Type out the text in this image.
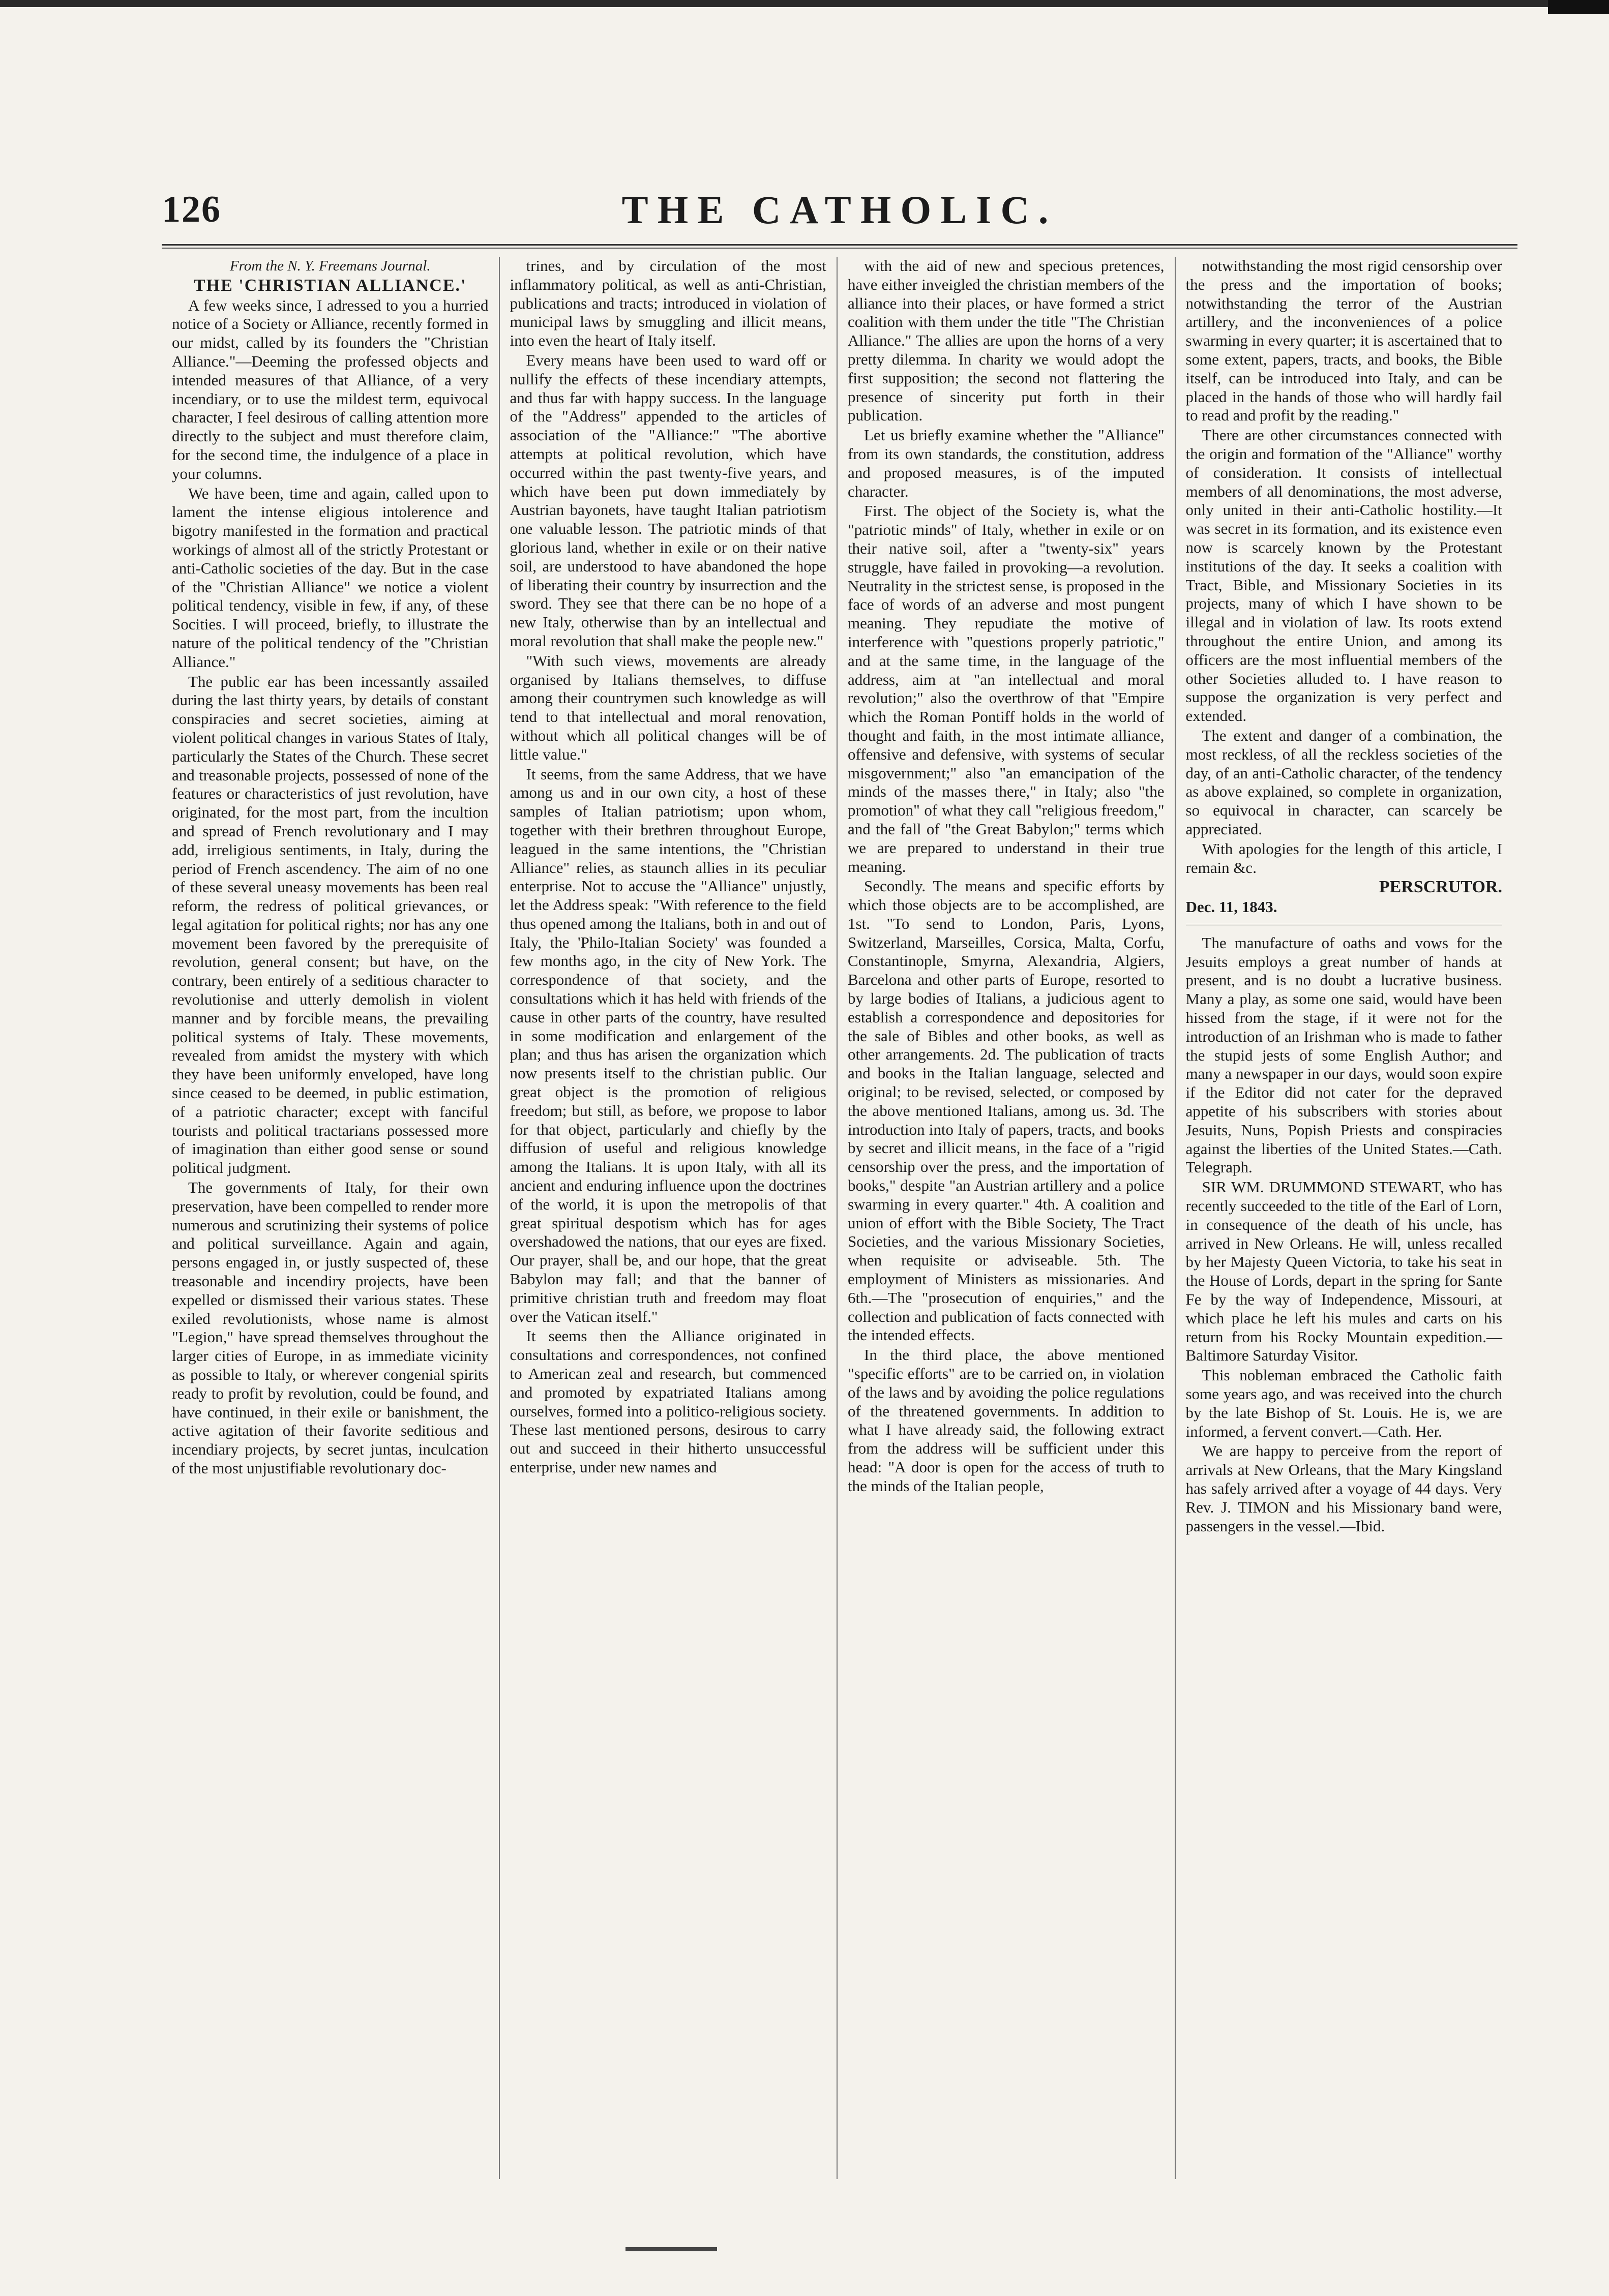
126	THE CATHOLIC.

From the N. Y. Freemans Journal.

THE 'CHRISTIAN ALLIANCE.'

A few weeks since, I adressed to you a hurried notice of a Society or Alliance, recently formed in our midst, called by its founders the "Christian Alliance."—Deeming the professed objects and intended measures of that Alliance, of a very incendiary, or to use the mildest term, equivocal character, I feel desirous of calling attention more directly to the subject and must therefore claim, for the second time, the indulgence of a place in your columns.

We have been, time and again, called upon to lament the intense eligious intolerence and bigotry manifested in the formation and practical workings of almost all of the strictly Protestant or anti-Catholic societies of the day. But in the case of the "Christian Alliance" we notice a violent political tendency, visible in few, if any, of these Socities. I will proceed, briefly, to illustrate the nature of the political tendency of the "Christian Alliance."

The public ear has been incessantly assailed during the last thirty years, by details of constant conspiracies and secret societies, aiming at violent political changes in various States of Italy, particularly the States of the Church. These secret and treasonable projects, possessed of none of the features or characteristics of just revolution, have originated, for the most part, from the incultion and spread of French revolutionary and I may add, irreligious sentiments, in Italy, during the period of French ascendency. The aim of no one of these several uneasy movements has been real reform, the redress of political grievances, or legal agitation for political rights; nor has any one movement been favored by the prerequisite of revolution, general consent; but have, on the contrary, been entirely of a seditious character to revolutionise and utterly demolish in violent manner and by forcible means, the prevailing political systems of Italy. These movements, revealed from amidst the mystery with which they have been uniformly enveloped, have long since ceased to be deemed, in public estimation, of a patriotic character; except with fanciful tourists and political tractarians possessed more of imagination than either good sense or sound political judgment.

The governments of Italy, for their own preservation, have been compelled to render more numerous and scrutinizing their systems of police and political surveillance. Again and again, persons engaged in, or justly suspected of, these treasonable and incendiry projects, have been expelled or dismissed their various states. These exiled revolutionists, whose name is almost "Legion," have spread themselves throughout the larger cities of Europe, in as immediate vicinity as possible to Italy, or wherever congenial spirits ready to profit by revolution, could be found, and have continued, in their exile or banishment, the active agitation of their favorite seditious and incendiary projects, by secret juntas, inculcation of the most unjustifiable revolutionary doc-

trines, and by circulation of the most inflammatory political, as well as anti-Christian, publications and tracts; introduced in violation of municipal laws by smuggling and illicit means, into even the heart of Italy itself.

Every means have been used to ward off or nullify the effects of these incendiary attempts, and thus far with happy success. In the language of the "Address" appended to the articles of association of the "Alliance:" "The abortive attempts at political revolution, which have occurred within the past twenty-five years, and which have been put down immediately by Austrian bayonets, have taught Italian patriotism one valuable lesson. The patriotic minds of that glorious land, whether in exile or on their native soil, are understood to have abandoned the hope of liberating their country by insurrection and the sword. They see that there can be no hope of a new Italy, otherwise than by an intellectual and moral revolution that shall make the people new."

"With such views, movements are already organised by Italians themselves, to diffuse among their countrymen such knowledge as will tend to that intellectual and moral renovation, without which all political changes will be of little value."

It seems, from the same Address, that we have among us and in our own city, a host of these samples of Italian patriotism; upon whom, together with their brethren throughout Europe, leagued in the same intentions, the "Christian Alliance" relies, as staunch allies in its peculiar enterprise. Not to accuse the "Alliance" unjustly, let the Address speak: "With reference to the field thus opened among the Italians, both in and out of Italy, the 'Philo-Italian Society' was founded a few months ago, in the city of New York. The correspondence of that society, and the consultations which it has held with friends of the cause in other parts of the country, have resulted in some modification and enlargement of the plan; and thus has arisen the organization which now presents itself to the christian public. Our great object is the promotion of religious freedom; but still, as before, we propose to labor for that object, particularly and chiefly by the diffusion of useful and religious knowledge among the Italians. It is upon Italy, with all its ancient and enduring influence upon the doctrines of the world, it is upon the metropolis of that great spiritual despotism which has for ages overshadowed the nations, that our eyes are fixed. Our prayer, shall be, and our hope, that the great Babylon may fall; and that the banner of primitive christian truth and freedom may float over the Vatican itself."

It seems then the Alliance originated in consultations and correspondences, not confined to American zeal and research, but commenced and promoted by expatriated Italians among ourselves, formed into a politico-religious society. These last mentioned persons, desirous to carry out and succeed in their hitherto unsuccessful enterprise, under new names and

with the aid of new and specious pretences, have either inveigled the christian members of the alliance into their places, or have formed a strict coalition with them under the title "The Christian Alliance." The allies are upon the horns of a very pretty dilemma. In charity we would adopt the first supposition; the second not flattering the presence of sincerity put forth in their publication.

Let us briefly examine whether the "Alliance" from its own standards, the constitution, address and proposed measures, is of the imputed character.

First. The object of the Society is, what the "patriotic minds" of Italy, whether in exile or on their native soil, after a "twenty-six" years struggle, have failed in provoking—a revolution. Neutrality in the strictest sense, is proposed in the face of words of an adverse and most pungent meaning. They repudiate the motive of interference with "questions properly patriotic," and at the same time, in the language of the address, aim at "an intellectual and moral revolution;" also the overthrow of that "Empire which the Roman Pontiff holds in the world of thought and faith, in the most intimate alliance, offensive and defensive, with systems of secular misgovernment;" also "an emancipation of the minds of the masses there," in Italy; also "the promotion" of what they call "religious freedom," and the fall of "the Great Babylon;" terms which we are prepared to understand in their true meaning.

Secondly. The means and specific efforts by which those objects are to be accomplished, are 1st. "To send to London, Paris, Lyons, Switzerland, Marseilles, Corsica, Malta, Corfu, Constantinople, Smyrna, Alexandria, Algiers, Barcelona and other parts of Europe, resorted to by large bodies of Italians, a judicious agent to establish a correspondence and depositories for the sale of Bibles and other books, as well as other arrangements. 2d. The publication of tracts and books in the Italian language, selected and original; to be revised, selected, or composed by the above mentioned Italians, among us. 3d. The introduction into Italy of papers, tracts, and books by secret and illicit means, in the face of a "rigid censorship over the press, and the importation of books," despite "an Austrian artillery and a police swarming in every quarter." 4th. A coalition and union of effort with the Bible Society, The Tract Societies, and the various Missionary Societies, when requisite or adviseable. 5th. The employment of Ministers as missionaries. And 6th.—The "prosecution of enquiries," and the collection and publication of facts connected with the intended effects.

In the third place, the above mentioned "specific efforts" are to be carried on, in violation of the laws and by avoiding the police regulations of the threatened governments. In addition to what I have already said, the following extract from the address will be sufficient under this head: "A door is open for the access of truth to the minds of the Italian people,

notwithstanding the most rigid censorship over the press and the importation of books; notwithstanding the terror of the Austrian artillery, and the inconveniences of a police swarming in every quarter; it is ascertained that to some extent, papers, tracts, and books, the Bible itself, can be introduced into Italy, and can be placed in the hands of those who will hardly fail to read and profit by the reading."

There are other circumstances connected with the origin and formation of the "Alliance" worthy of consideration. It consists of intellectual members of all denominations, the most adverse, only united in their anti-Catholic hostility.—It was secret in its formation, and its existence even now is scarcely known by the Protestant institutions of the day. It seeks a coalition with Tract, Bible, and Missionary Societies in its projects, many of which I have shown to be illegal and in violation of law. Its roots extend throughout the entire Union, and among its officers are the most influential members of the other Societies alluded to. I have reason to suppose the organization is very perfect and extended.

The extent and danger of a combination, the most reckless, of all the reckless societies of the day, of an anti-Catholic character, of the tendency as above explained, so complete in organization, so equivocal in character, can scarcely be appreciated.

With apologies for the length of this article, I remain &c.

PERSCRUTOR.

Dec. 11, 1843.

The manufacture of oaths and vows for the Jesuits employs a great number of hands at present, and is no doubt a lucrative business. Many a play, as some one said, would have been hissed from the stage, if it were not for the introduction of an Irishman who is made to father the stupid jests of some English Author; and many a newspaper in our days, would soon expire if the Editor did not cater for the depraved appetite of his subscribers with stories about Jesuits, Nuns, Popish Priests and conspiracies against the liberties of the United States.—Cath. Telegraph.

SIR WM. DRUMMOND STEWART, who has recently succeeded to the title of the Earl of Lorn, in consequence of the death of his uncle, has arrived in New Orleans. He will, unless recalled by her Majesty Queen Victoria, to take his seat in the House of Lords, depart in the spring for Sante Fe by the way of Independence, Missouri, at which place he left his mules and carts on his return from his Rocky Mountain expedition.—Baltimore Saturday Visitor.

This nobleman embraced the Catholic faith some years ago, and was received into the church by the late Bishop of St. Louis. He is, we are informed, a fervent convert.—Cath. Her.

We are happy to perceive from the report of arrivals at New Orleans, that the Mary Kingsland has safely arrived after a voyage of 44 days. Very Rev. J. TIMON and his Missionary band were, passengers in the vessel.—Ibid.
